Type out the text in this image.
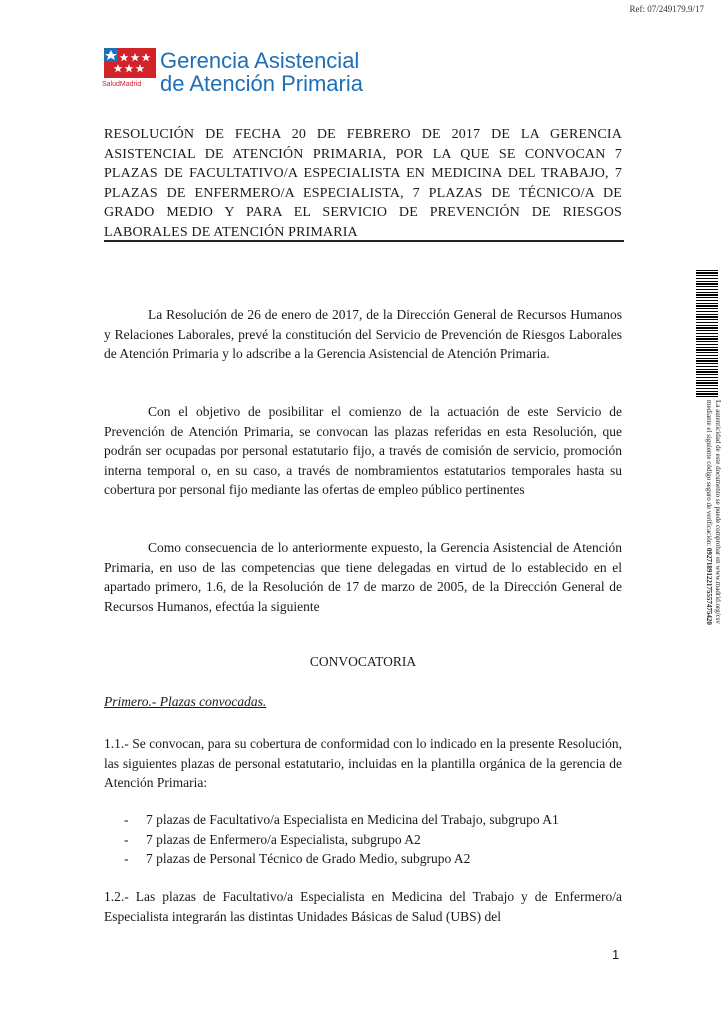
Ref: 07/249179.9/17
SaludMadrid
Gerencia Asistencial
de Atención Primaria
RESOLUCIÓN DE FECHA 20 DE FEBRERO DE 2017 DE LA GERENCIA ASISTENCIAL DE ATENCIÓN PRIMARIA, POR LA QUE SE CONVOCAN 7 PLAZAS DE FACULTATIVO/A ESPECIALISTA EN MEDICINA DEL TRABAJO, 7 PLAZAS DE ENFERMERO/A ESPECIALISTA, 7 PLAZAS DE TÉCNICO/A DE GRADO MEDIO Y PARA EL SERVICIO DE PREVENCIÓN DE RIESGOS LABORALES DE ATENCIÓN PRIMARIA

La Resolución de 26 de enero de 2017, de la Dirección General de Recursos Humanos y Relaciones Laborales, prevé la constitución del Servicio de Prevención de Riesgos Laborales de Atención Primaria y lo adscribe a la Gerencia Asistencial de Atención Primaria.

Con el objetivo de posibilitar el comienzo de la actuación de este Servicio de Prevención de Atención Primaria, se convocan las plazas referidas en esta Resolución, que podrán ser ocupadas por personal estatutario fijo, a través de comisión de servicio, promoción interna temporal o, en su caso, a través de nombramientos estatutarios temporales hasta su cobertura por personal fijo mediante las ofertas de empleo público pertinentes

Como consecuencia de lo anteriormente expuesto, la Gerencia Asistencial de Atención Primaria, en uso de las competencias que tiene delegadas en virtud de lo establecido en el apartado primero, 1.6, de la Resolución de 17 de marzo de 2005, de la Dirección General de Recursos Humanos, efectúa la siguiente

CONVOCATORIA
Primero.- Plazas convocadas.

1.1.- Se convocan, para su cobertura de conformidad con lo indicado en la presente Resolución, las siguientes plazas de personal estatutario, incluidas en la plantilla orgánica de la gerencia de Atención Primaria:

- 7 plazas de Facultativo/a Especialista en Medicina del Trabajo, subgrupo A1
- 7 plazas de Enfermero/a Especialista, subgrupo A2
- 7 plazas de Personal Técnico de Grado Medio, subgrupo A2

1.2.- Las plazas de Facultativo/a Especialista en Medicina del Trabajo y de Enfermero/a Especialista integrarán las distintas Unidades Básicas de Salud (UBS) del

1
La autenticidad de este documento se puede comprobar en www.madrid.org/csv
mediante el siguiente código seguro de verificación: 0927189122175557475420
